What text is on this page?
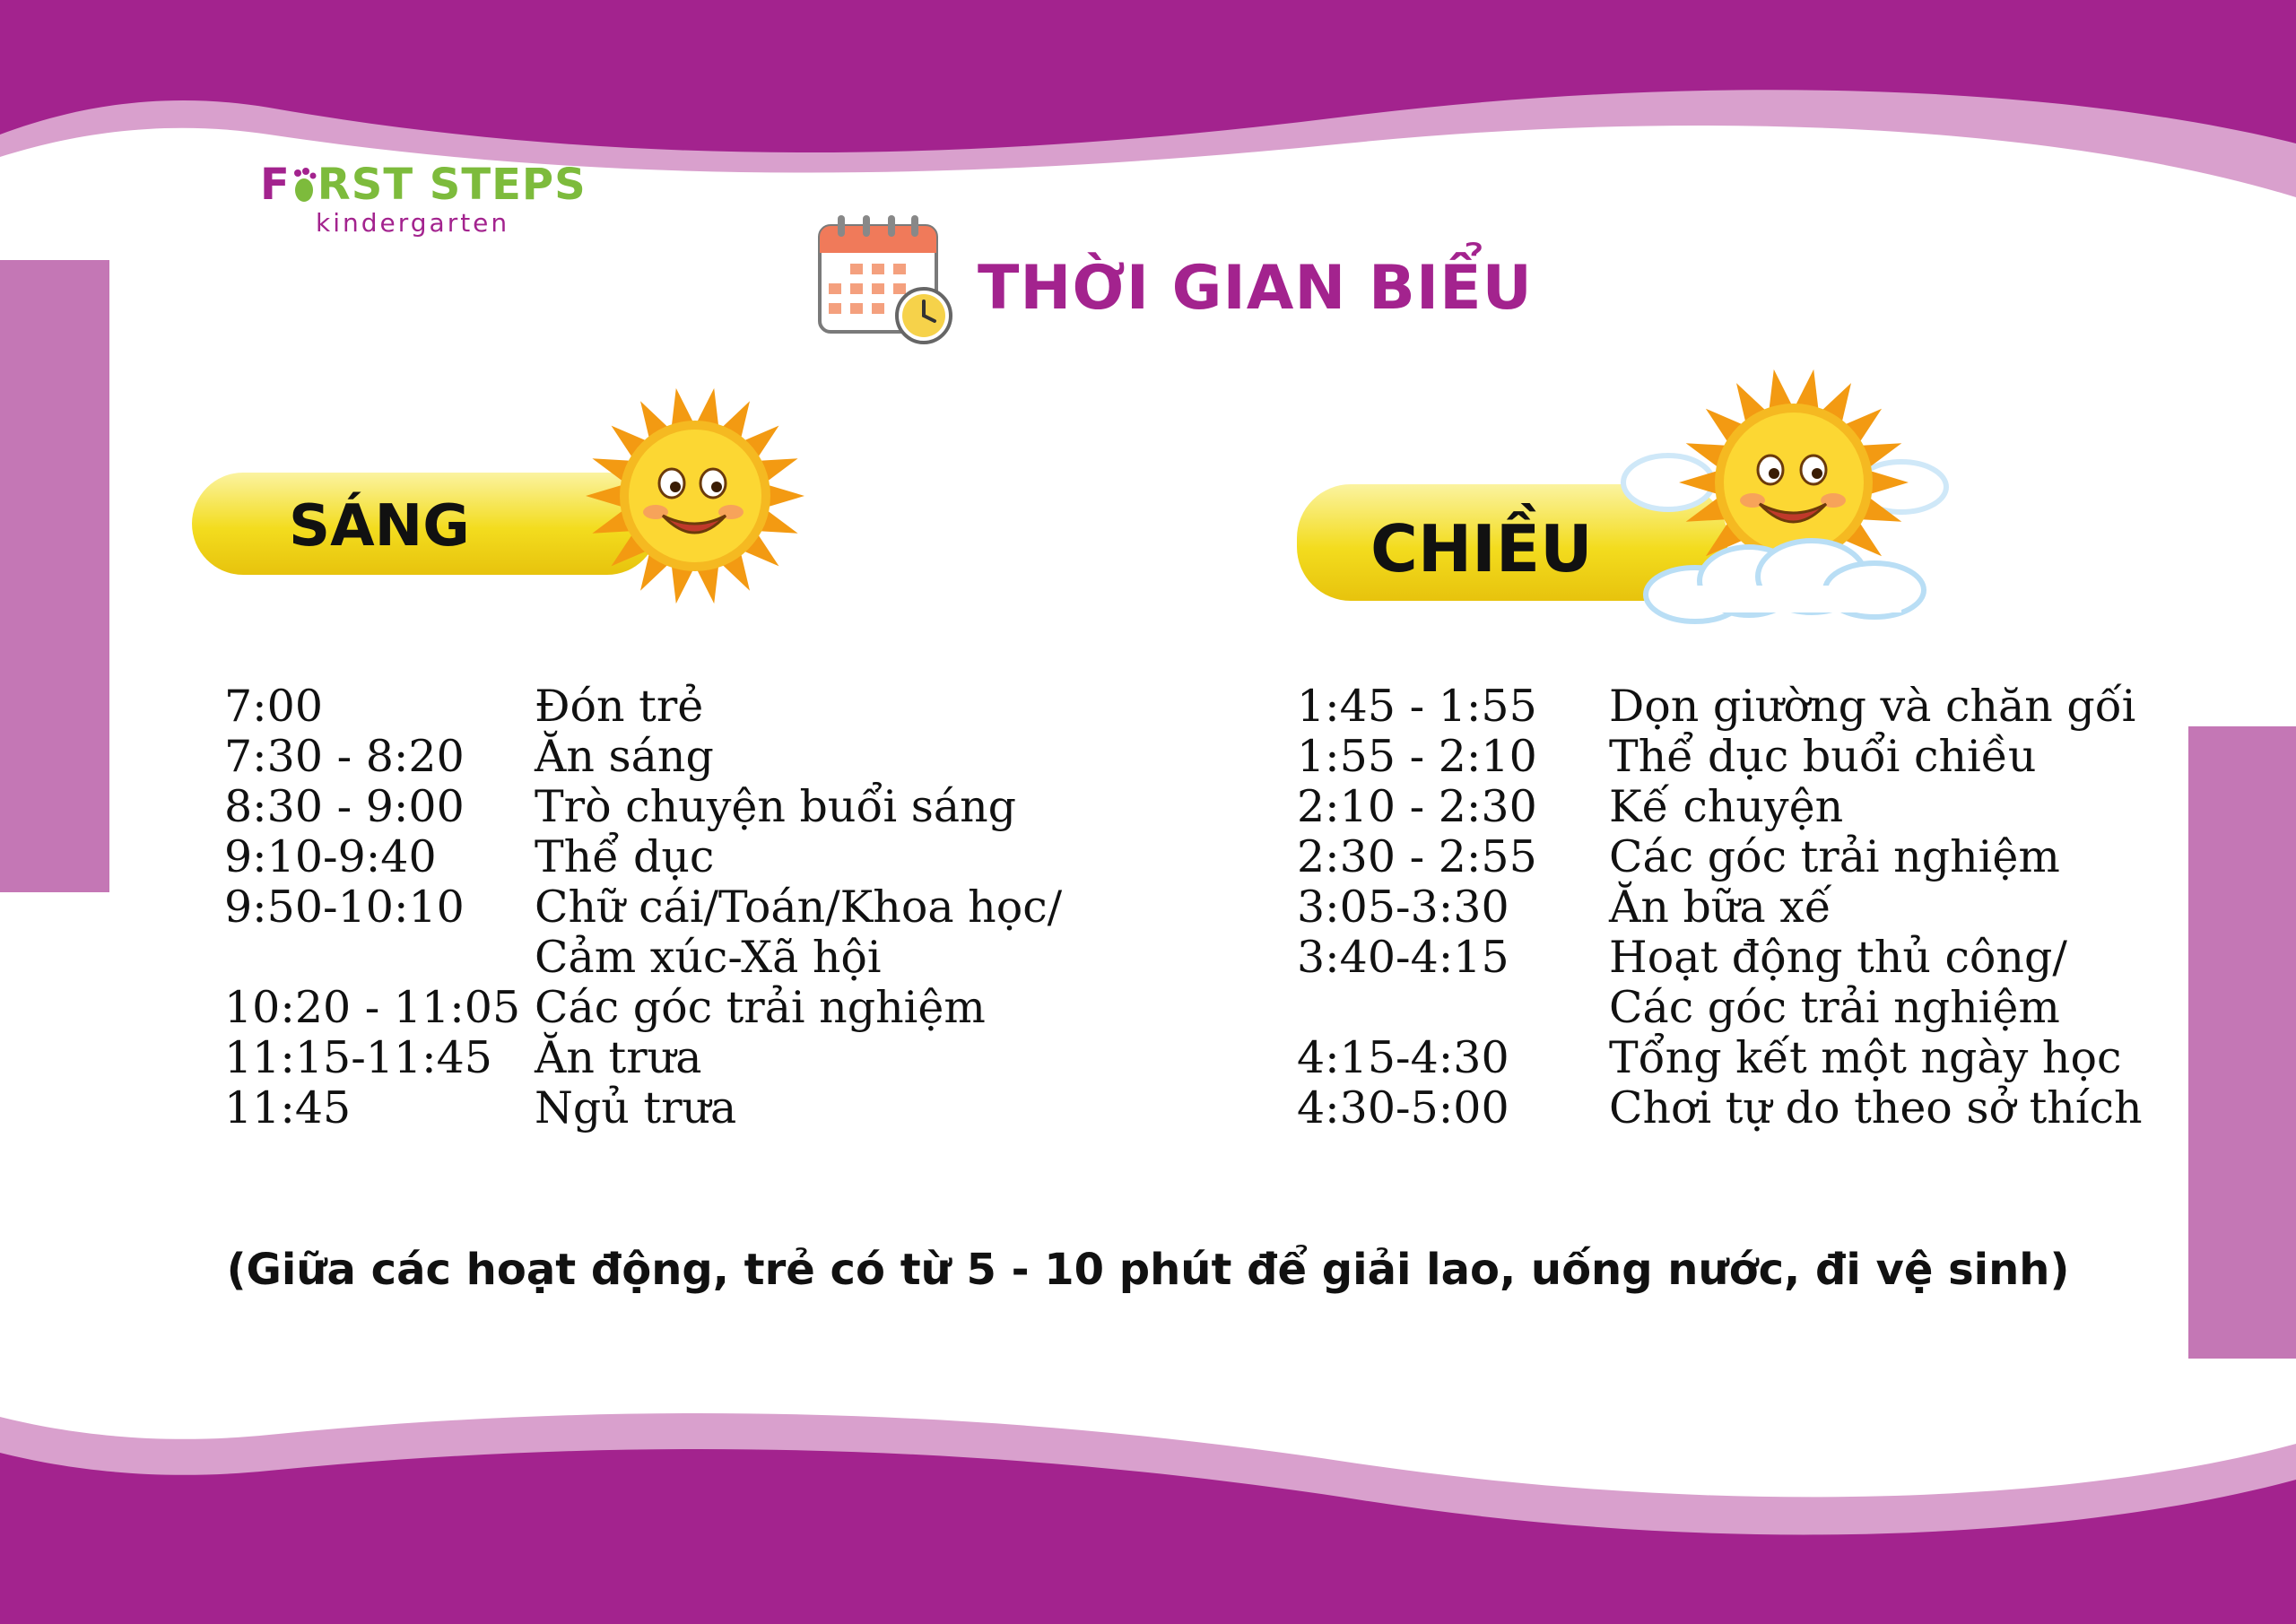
F RST STEPS
kindergarten
THỜI GIAN BIỂU
SÁNG	CHIỀU
7:00	Đón trẻ
7:30 - 8:20 Ăn sáng
8:30 - 9:00 Trò chuyện buổi sáng
9:10-9:40 Thể dục
9:50-10:10 Chữ cái/Toán/Khoa học/
Cảm xúc-Xã hội
10:20 - 11:05 Các góc trải nghiệm
11:15-11:45 Ăn trưa
11:45	Ngủ trưa
1:45 - 1:55 Dọn giường và chăn gối
1:55 - 2:10 Thể dục buổi chiều
2:10 - 2:30 Kế chuyện
2:30 - 2:55 Các góc trải nghiệm
3:05-3:30 Ăn bữa xế
3:40-4:15 Hoạt động thủ công/
Các góc trải nghiệm
4:15-4:30 Tổng kết một ngày học
4:30-5:00 Chơi tự do theo sở thích
(Giữa các hoạt động, trẻ có từ 5 - 10 phút để giải lao, uống nước, đi vệ sinh)
